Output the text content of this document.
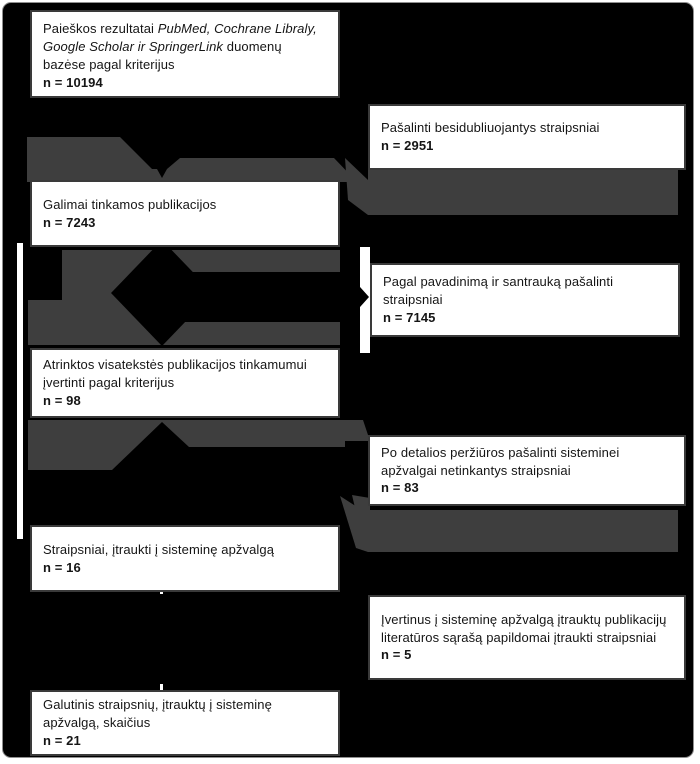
Paieškos rezultatai PubMed, Cochrane Libraly, Google Scholar ir SpringerLink duomenų bazėse pagal kriterijus
n = 10194
Galimai tinkamos publikacijos
n = 7243
Atrinktos visatekstės publikacijos tinkamumui įvertinti pagal kriterijus
n = 98
Straipsniai, įtraukti į sisteminę apžvalgą
n = 16
Galutinis straipsnių, įtrauktų į sisteminę apžvalgą, skaičius
n = 21
Pašalinti besidubliuojantys straipsniai
n = 2951
Pagal pavadinimą ir santrauką pašalinti straipsniai
n = 7145
Po detalios peržiūros pašalinti sisteminei apžvalgai netinkantys straipsniai
n = 83
Įvertinus į sisteminę apžvalgą įtrauktų publikacijų literatūros sąrašą papildomai įtraukti straipsniai
n = 5
